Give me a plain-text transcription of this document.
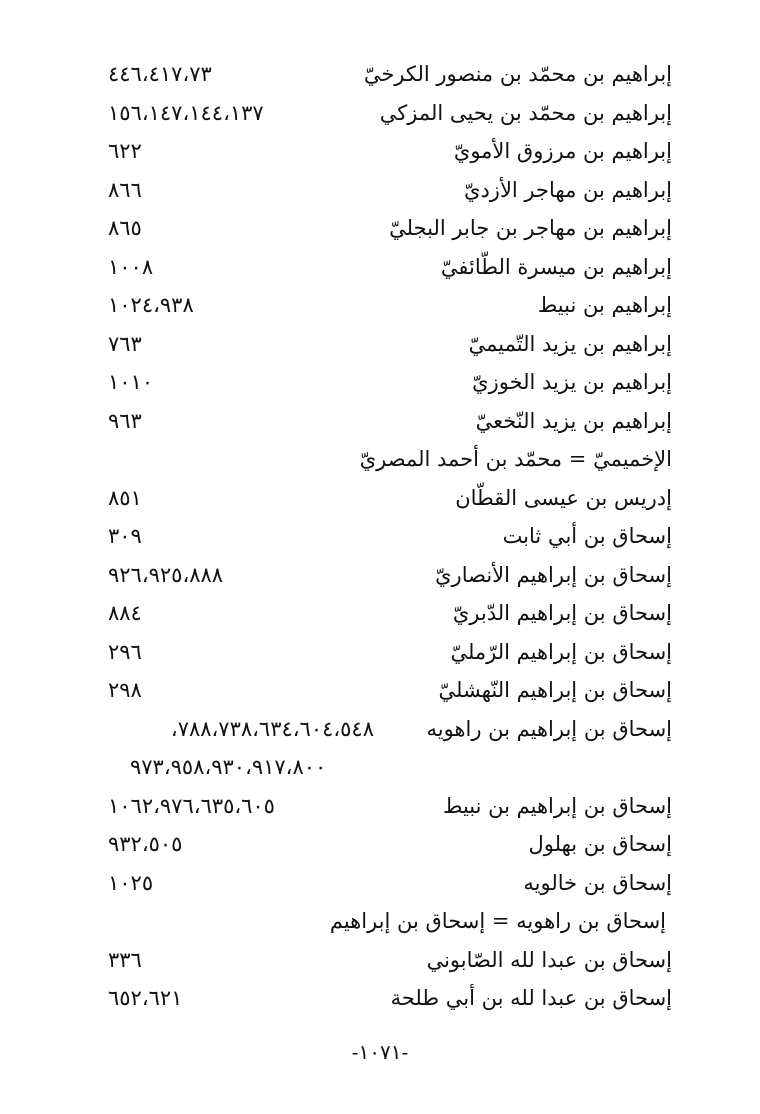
إبراهيم بن محمّد بن منصور الكرخيّ
٤٤٦،٤١٧،٧٣
إبراهيم بن محمّد بن يحيى المزكي
١٥٦،١٤٧،١٤٤،١٣٧
إبراهيم بن مرزوق الأمويّ
٦٢٢
إبراهيم بن مهاجر الأزديّ
٨٦٦
إبراهيم بن مهاجر بن جابر البجليّ
٨٦٥
إبراهيم بن ميسرة الطّائفيّ
١٠٠٨
إبراهيم بن نبيط
١٠٢٤،٩٣٨
إبراهيم بن يزيد التّميميّ
٧٦٣
إبراهيم بن يزيد الخوزيّ
١٠١٠
إبراهيم بن يزيد النّخعيّ
٩٦٣
الإخميميّ = محمّد بن أحمد المصريّ
إدريس بن عيسى القطّان
٨٥١
إسحاق بن أبي ثابت
٣٠٩
إسحاق بن إبراهيم الأنصاريّ
٩٢٦،٩٢٥،٨٨٨
إسحاق بن إبراهيم الدّبريّ
٨٨٤
إسحاق بن إبراهيم الرّمليّ
٢٩٦
إسحاق بن إبراهيم النّهشليّ
٢٩٨
إسحاق بن إبراهيم بن راهويه
٧٨٨،٧٣٨،٦٣٤،٦٠٤،٥٤٨،
٩٧٣،٩٥٨،٩٣٠،٩١٧،٨٠٠
إسحاق بن إبراهيم بن نبيط
١٠٦٢،٩٧٦،٦٣٥،٦٠٥
إسحاق بن بهلول
٩٣٢،٥٠٥
إسحاق بن خالويه
١٠٢٥
إسحاق بن راهويه = إسحاق بن إبراهيم
إسحاق بن عبدا لله الصّابوني
٣٣٦
إسحاق بن عبدا لله بن أبي طلحة
٦٥٢،٦٢١
-١٠٧١-
